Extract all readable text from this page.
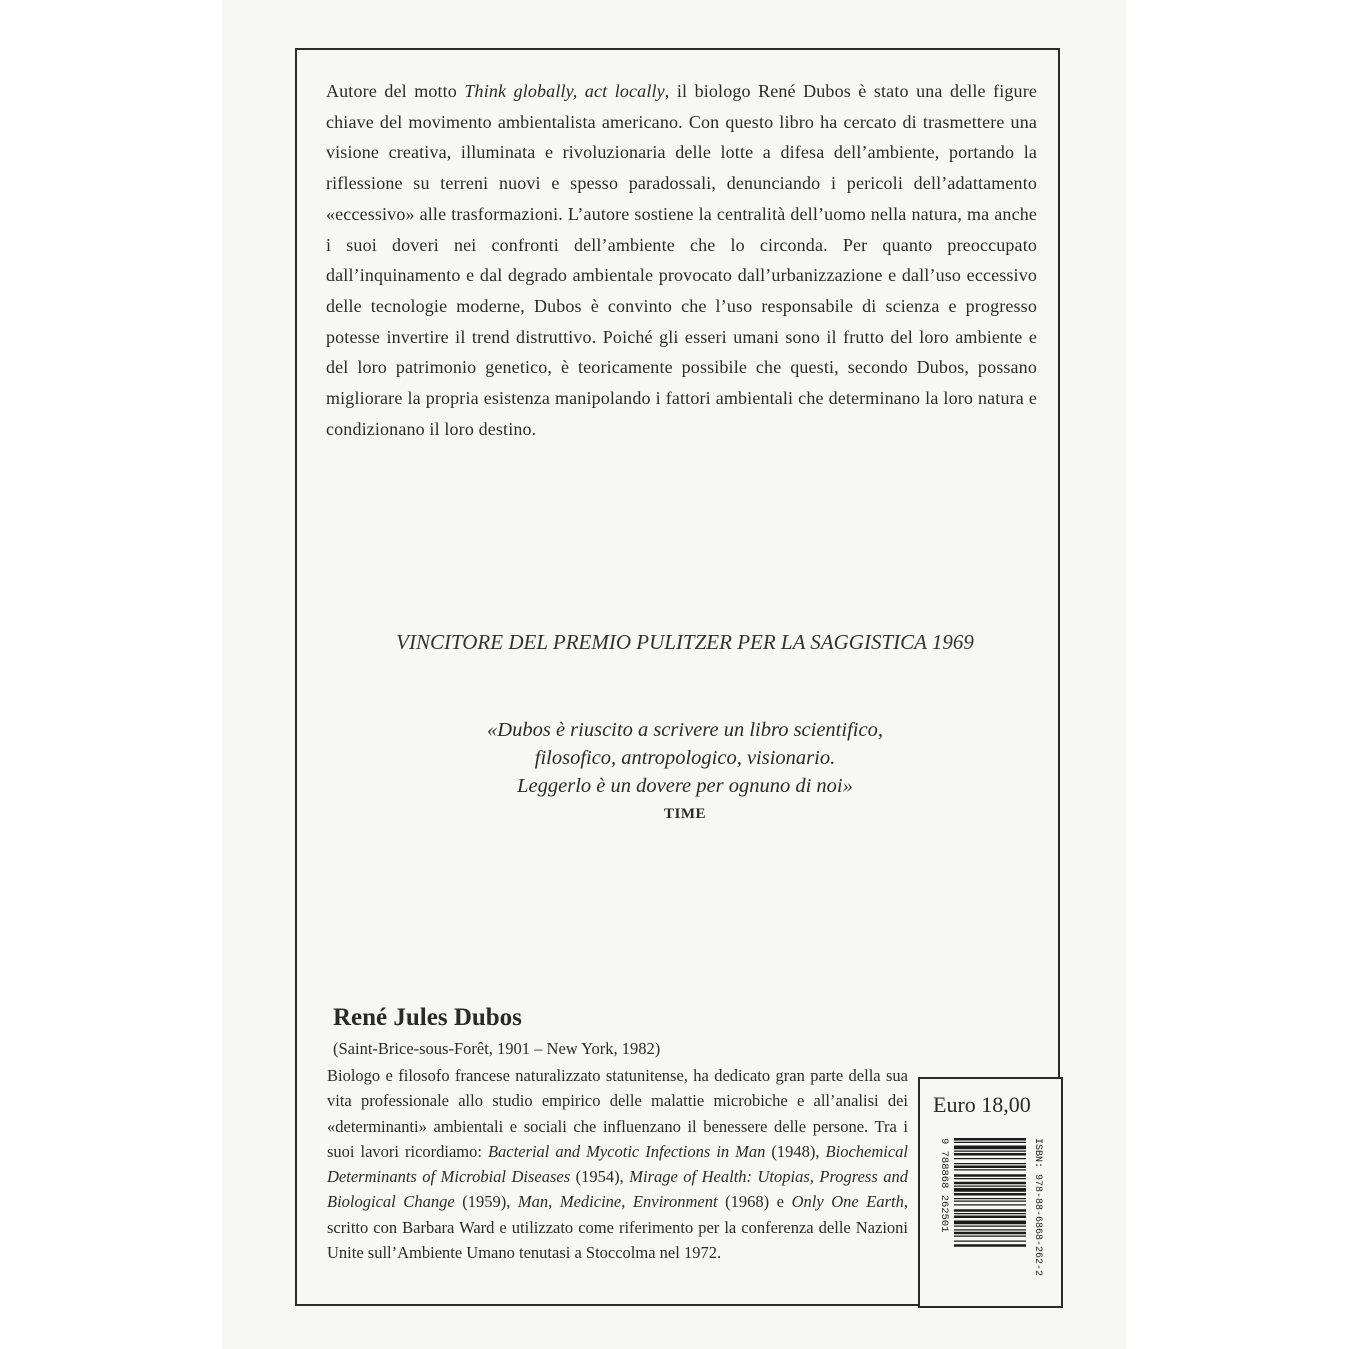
Autore del motto Think globally, act locally, il biologo René Dubos è stato una delle figure chiave del movimento ambientalista americano. Con questo libro ha cercato di trasmettere una visione creativa, illuminata e rivoluzionaria delle lotte a difesa dell’ambiente, portando la riflessione su terreni nuovi e spesso paradossali, denunciando i pericoli dell’adattamento «eccessivo» alle trasformazioni. L’autore sostiene la centralità dell’uomo nella natura, ma anche i suoi doveri nei confronti dell’ambiente che lo circonda. Per quanto preoccupato dall’inquinamento e dal degrado ambientale provocato dall’urbanizzazione e dall’uso eccessivo delle tecnologie moderne, Dubos è convinto che l’uso responsabile di scienza e progresso potesse invertire il trend distruttivo. Poiché gli esseri umani sono il frutto del loro ambiente e del loro patrimonio genetico, è teoricamente possibile che questi, secondo Dubos, possano migliorare la propria esistenza manipolando i fattori ambientali che determinano la loro natura e condizionano il loro destino.

VINCITORE DEL PREMIO PULITZER PER LA SAGGISTICA 1969

«Dubos è riuscito a scrivere un libro scientifico,
filosofico, antropologico, visionario.
Leggerlo è un dovere per ognuno di noi»

TIME
René Jules Dubos
(Saint-Brice-sous-Forêt, 1901 – New York, 1982)

Biologo e filosofo francese naturalizzato statunitense, ha dedicato gran parte della sua vita professionale allo studio empirico delle malattie microbiche e all’analisi dei «determinanti» ambientali e sociali che influenzano il benessere delle persone. Tra i suoi lavori ricordiamo: Bacterial and Mycotic Infections in Man (1948), Biochemical Determinants of Microbial Diseases (1954), Mirage of Health: Utopias, Progress and Biological Change (1959), Man, Medicine, Environment (1968) e Only One Earth, scritto con Barbara Ward e utilizzato come riferimento per la conferenza delle Nazioni Unite sull’Ambiente Umano tenutasi a Stoccolma nel 1972.

Euro 18,00
ISBN: 978-88-6868-262-2
9 788868 262501
